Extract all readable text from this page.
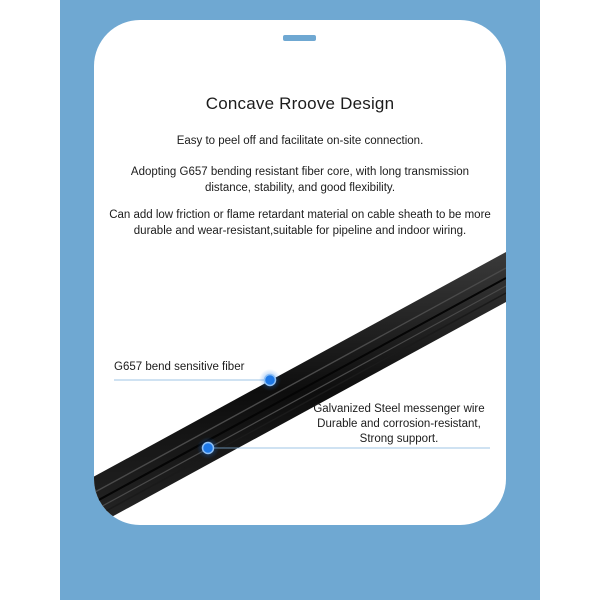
Concave Rroove Design
Easy to peel off and facilitate on-site connection.
Adopting G657 bending resistant fiber core, with long transmission distance, stability, and good flexibility.
Can add low friction or flame retardant material on cable sheath to be more durable and wear-resistant,suitable for pipeline and indoor wiring.
G657 bend sensitive fiber
Galvanized Steel messenger wire
Durable and corrosion-resistant,
Strong support.
